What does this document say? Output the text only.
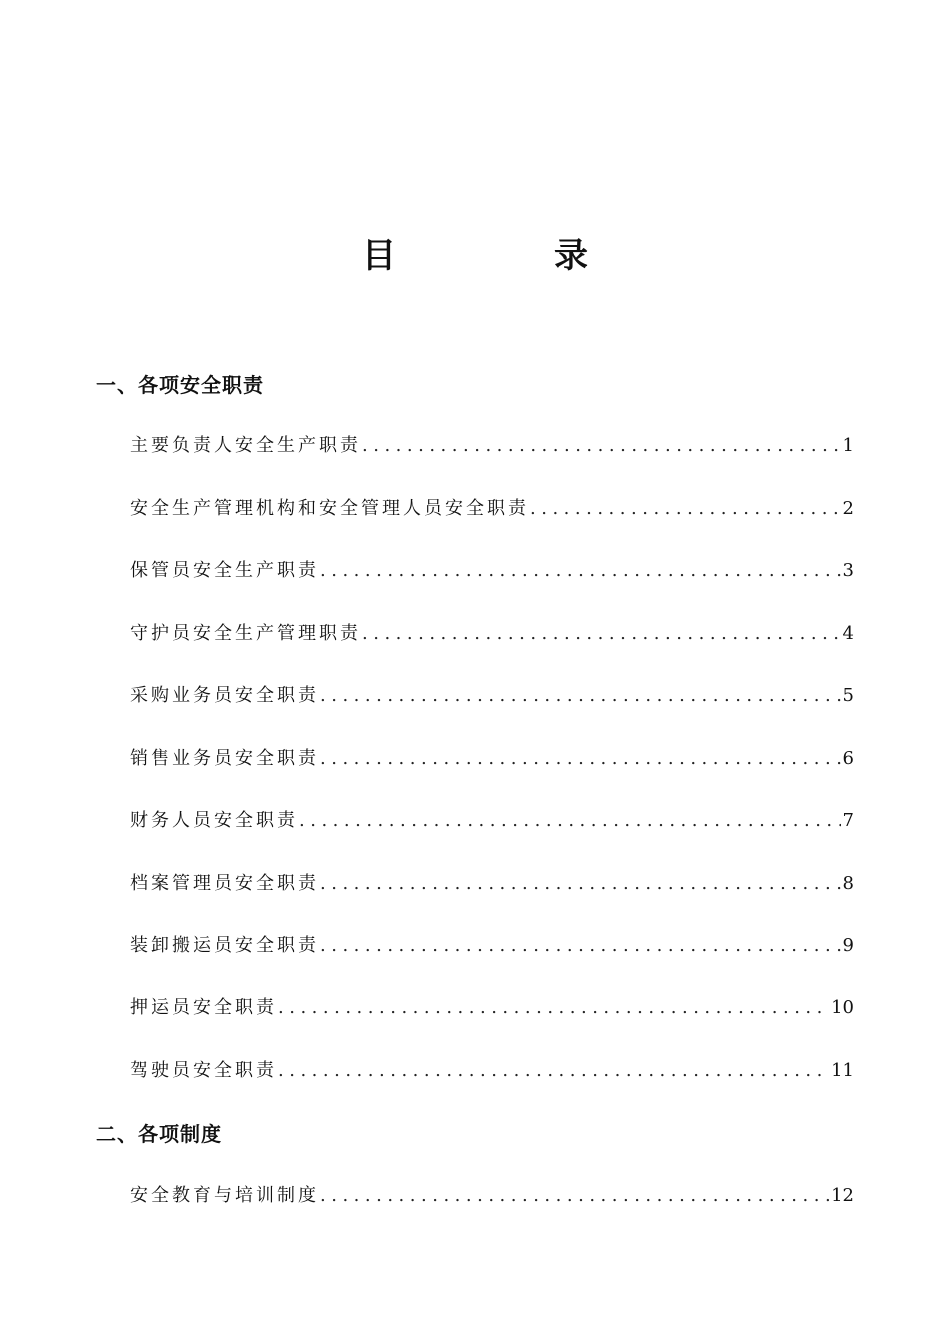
目	录
一、各项安全职责
主要负责人安全生产职责 .....	1
安全生产管理机构和安全管理人员安全职责 .....	2
保管员安全生产职责 .....	3
守护员安全生产管理职责 .....	4
采购业务员安全职责 .....	5
销售业务员安全职责 .....	6
财务人员安全职责 .....	7
档案管理员安全职责 .....	8
装卸搬运员安全职责 .....	9
押运员安全职责 .....	10
驾驶员安全职责 .....	11
二、各项制度
安全教育与培训制度 .....	12
